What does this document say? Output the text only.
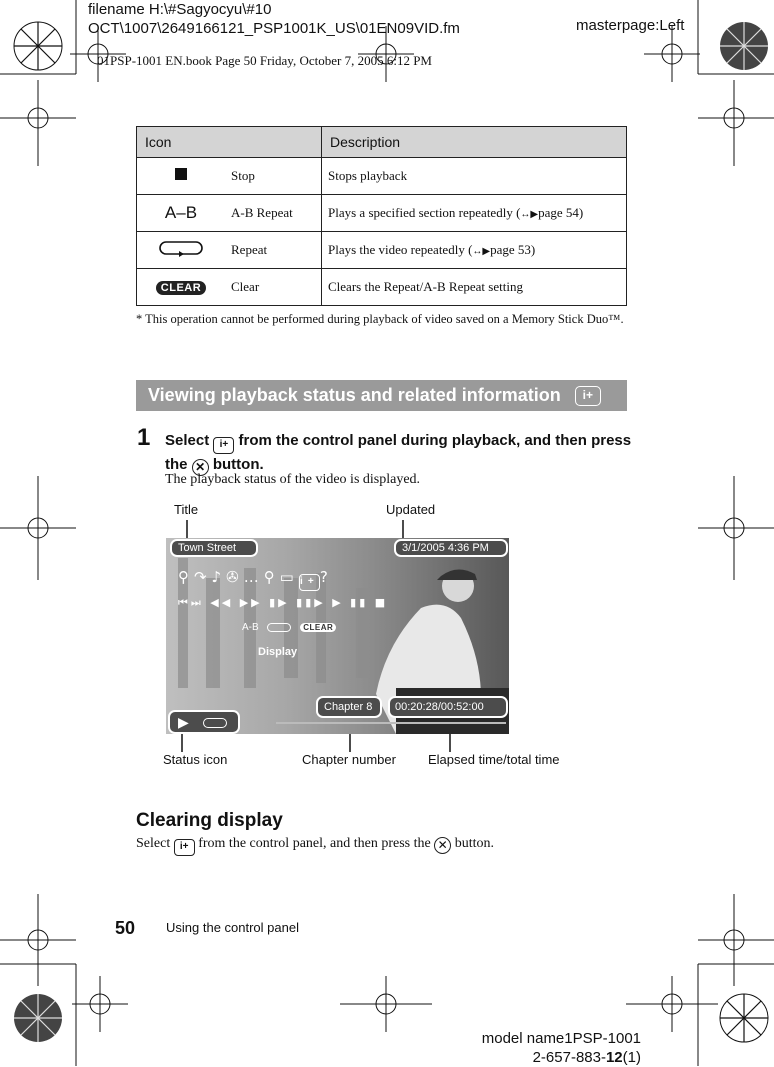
filename H:\#Sagyocyu\#10
OCT\1007\2649166121_PSP1001K_US\01EN09VID.fm	masterpage:Left
01PSP-1001 EN.book Page 50 Friday, October 7, 2005 6:12 PM
Icon		Description
	Stop	Stops playback
A–B	A-B Repeat	Plays a specified section repeatedly (↔▶page 54)
	Repeat	Plays the video repeatedly (↔▶page 53)
CLEAR	Clear	Clears the Repeat/A-B Repeat setting
* This operation cannot be performed during playback of video saved on a Memory Stick Duo™.
Viewing playback status and related information i+
1 Select i+ from the control panel during playback, and then press the ✕ button.
The playback status of the video is displayed.
Title	Updated
Town Street	3/1/2005 4:36 PM
⚲↷♪✇…⚲▭i+?
⏮⏭ ◀◀ ▶▶ ▮▶ ▮▮▶ ▶ ▮▮ ■
A-B	CLEAR
Display
Chapter 8	00:20:28/00:52:00
▶
Status icon	Chapter number Elapsed time/total time
Clearing display
Select i+ from the control panel, and then press the ✕ button.
50 Using the control panel
model name1PSP-1001
2-657-883-12(1)
